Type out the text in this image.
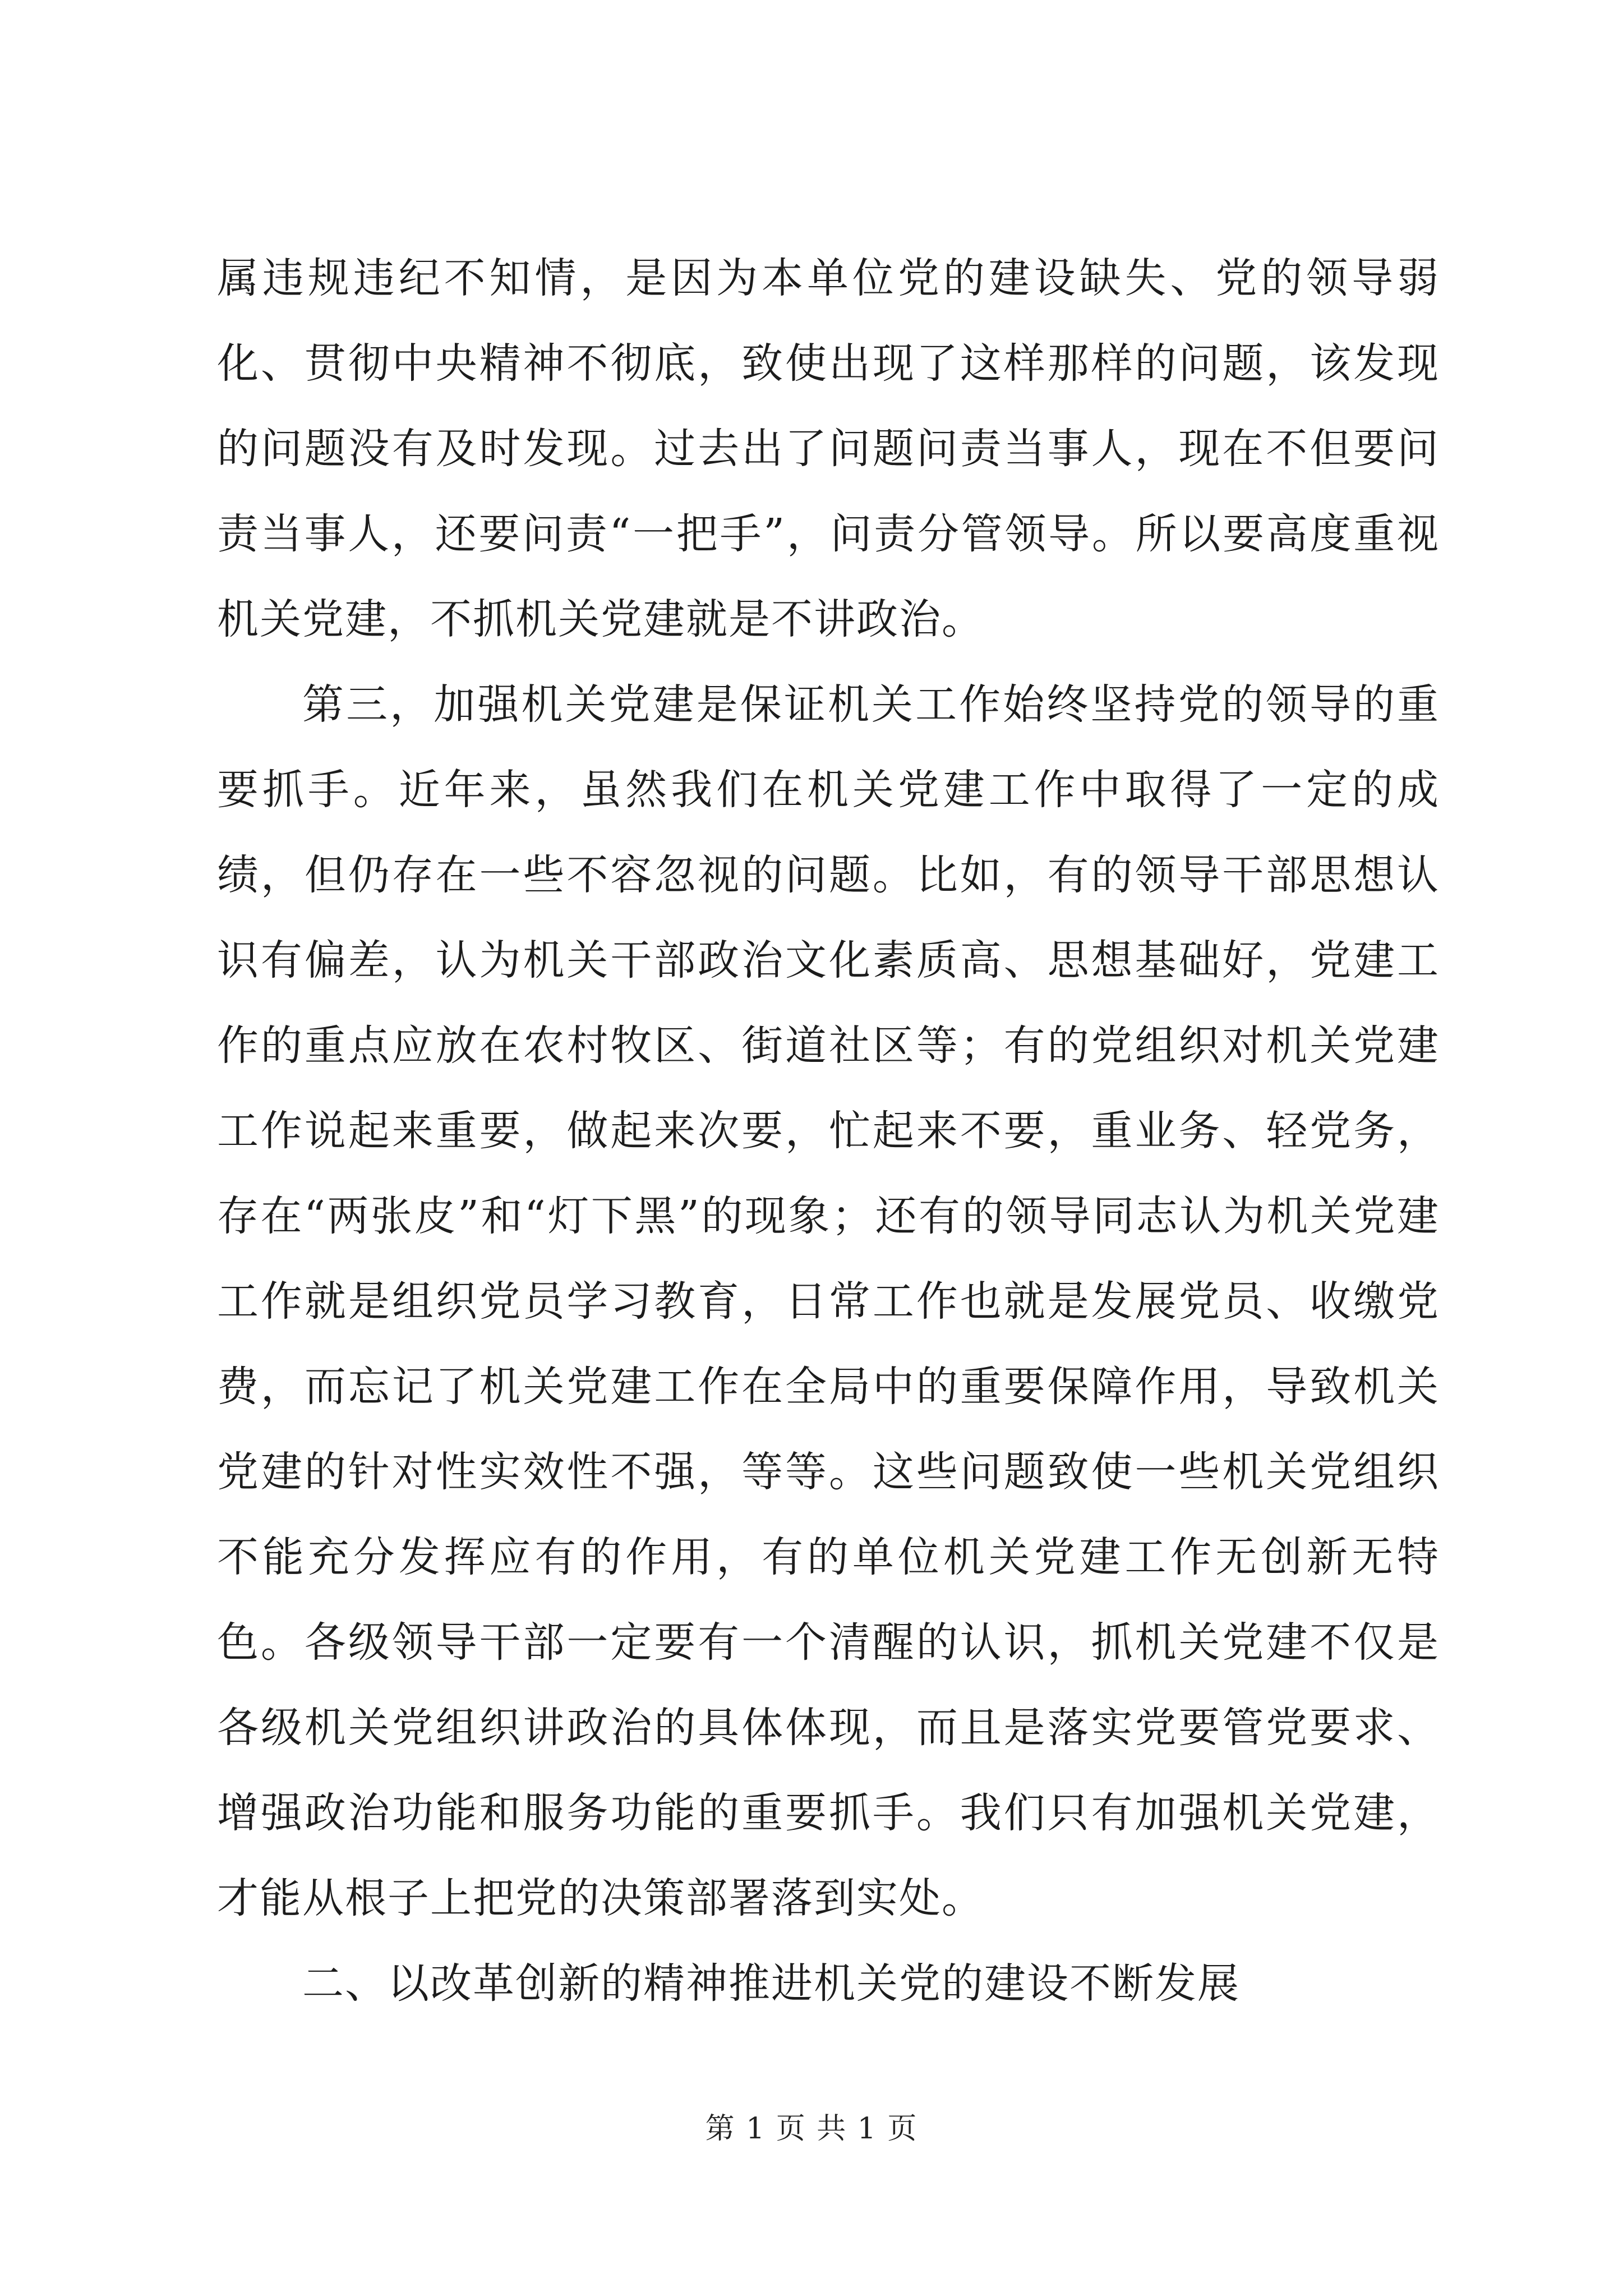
属违规违纪不知情，是因为本单位党的建设缺失、党的领导弱化、贯彻中央精神不彻底，致使出现了这样那样的问题，该发现的问题没有及时发现。过去出了问题问责当事人，现在不但要问责当事人，还要问责“一把手”，问责分管领导。所以要高度重视机关党建，不抓机关党建就是不讲政治。

第三，加强机关党建是保证机关工作始终坚持党的领导的重要抓手。近年来，虽然我们在机关党建工作中取得了一定的成绩，但仍存在一些不容忽视的问题。比如，有的领导干部思想认识有偏差，认为机关干部政治文化素质高、思想基础好，党建工作的重点应放在农村牧区、街道社区等；有的党组织对机关党建工作说起来重要，做起来次要，忙起来不要，重业务、轻党务，存在“两张皮”和“灯下黑”的现象；还有的领导同志认为机关党建工作就是组织党员学习教育，日常工作也就是发展党员、收缴党费，而忘记了机关党建工作在全局中的重要保障作用，导致机关党建的针对性实效性不强，等等。这些问题致使一些机关党组织不能充分发挥应有的作用，有的单位机关党建工作无创新无特色。各级领导干部一定要有一个清醒的认识，抓机关党建不仅是各级机关党组织讲政治的具体体现，而且是落实党要管党要求、增强政治功能和服务功能的重要抓手。我们只有加强机关党建，才能从根子上把党的决策部署落到实处。

二、以改革创新的精神推进机关党的建设不断发展

第 1 页 共 1 页
